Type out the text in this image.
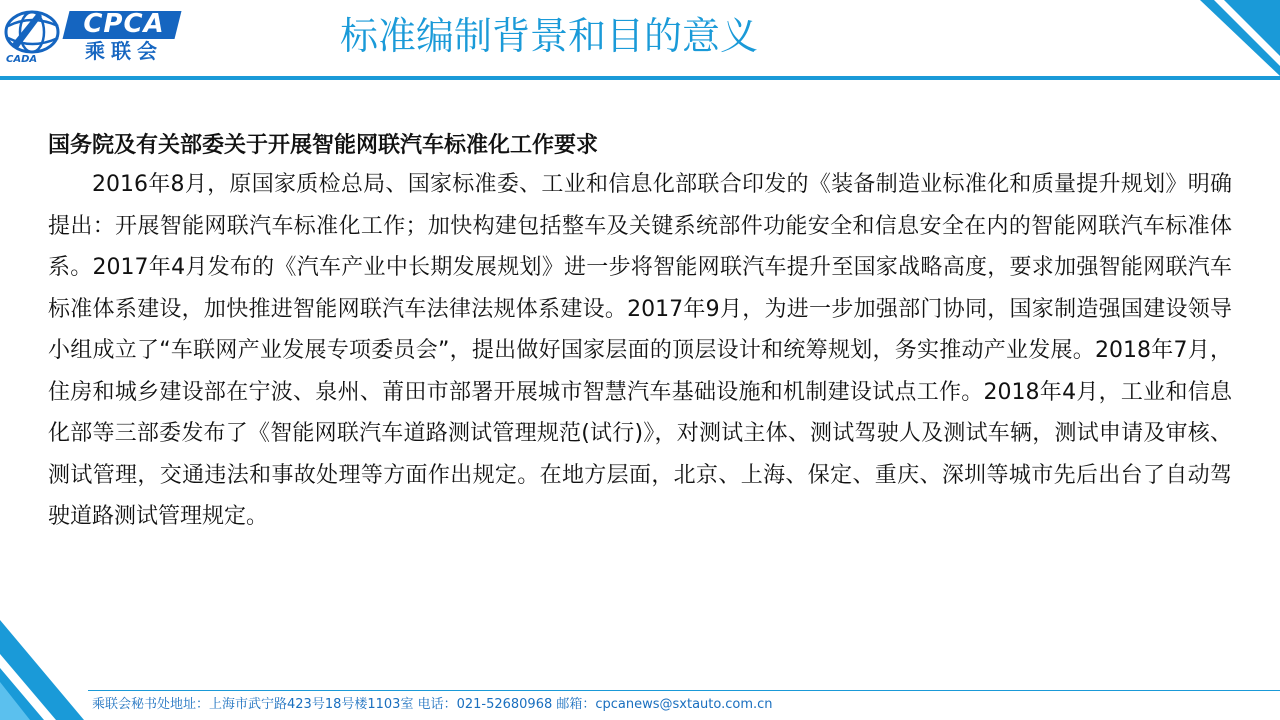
CADA
CPCA
乘联会	标准编制背景和目的意义

国务院及有关部委关于开展智能网联汽车标准化工作要求

2016年8月，原国家质检总局、国家标准委、工业和信息化部联合印发的《装备制造业标准化和质量提升规划》明确提出：开展智能网联汽车标准化工作；加快构建包括整车及关键系统部件功能安全和信息安全在内的智能网联汽车标准体系。2017年4月发布的《汽车产业中长期发展规划》进一步将智能网联汽车提升至国家战略高度，要求加强智能网联汽车标准体系建设，加快推进智能网联汽车法律法规体系建设。2017年9月，为进一步加强部门协同，国家制造强国建设领导小组成立了“车联网产业发展专项委员会”，提出做好国家层面的顶层设计和统筹规划，务实推动产业发展。2018年7月，住房和城乡建设部在宁波、泉州、莆田市部署开展城市智慧汽车基础设施和机制建设试点工作。2018年4月，工业和信息化部等三部委发布了《智能网联汽车道路测试管理规范(试行)》，对测试主体、测试驾驶人及测试车辆，测试申请及审核、测试管理，交通违法和事故处理等方面作出规定。在地方层面，北京、上海、保定、重庆、深圳等城市先后出台了自动驾驶道路测试管理规定。

乘联会秘书处地址：上海市武宁路423号18号楼1103室 电话：021-52680968 邮箱：cpcanews@sxtauto.com.cn
